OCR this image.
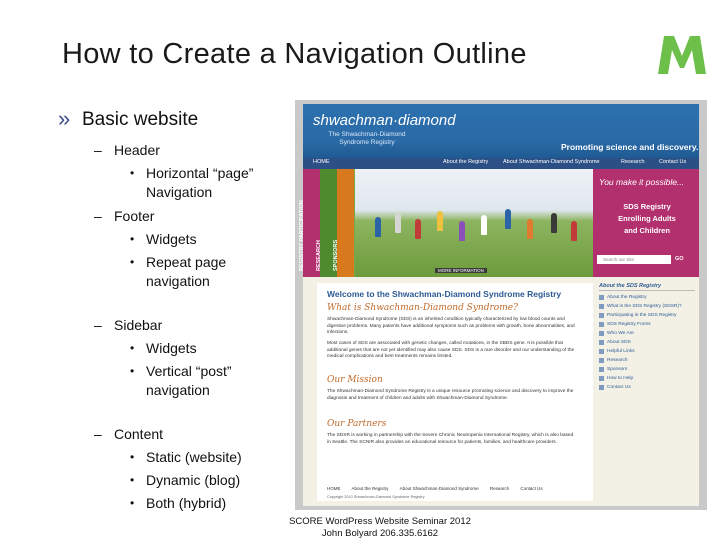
How to Create a Navigation Outline
» Basic website
– Header
• Horizontal “page”
Navigation
– Footer
• Widgets
• Repeat page
navigation
– Sidebar
• Widgets
• Vertical “post”
navigation
– Content
• Static (website)
• Dynamic (blog)
• Both (hybrid)
shwachman·diamond
The Shwachman-Diamond
Syndrome Registry	Promoting science and discovery.
HOME	About the Registry	About Shwachman-Diamond Syndrome	Research	Contact Us
REGISTRY PARTICIPATION RESEARCH SPONSORS	MORE INFORMATION
You make it possible...
SDS Registry
Enrolling Adults
and Children
Search our Site	GO
Welcome to the Shwachman-Diamond Syndrome Registry
What is Shwachman-Diamond Syndrome?
Shwachman-Diamond Syndrome (SDS) is an inherited condition typically characterized by low blood counts and digestive problems. Many patients have additional symptoms such as problems with growth, bone abnormalities, and infections.
Most cases of SDS are associated with genetic changes, called mutations, in the SBDS gene. It is possible that additional genes that are not yet identified may also cause SDS. SDS is a rare disorder and our understanding of the medical complications and best treatments remains limited.
Our Mission
The Shwachman-Diamond Syndrome Registry is a unique resource promoting science and discovery to improve the diagnosis and treatment of children and adults with Shwachman-Diamond Syndrome.
Our Partners
The SDSR is working in partnership with the Severe Chronic Neutropenia International Registry, which is also based in Seattle. The SCNIR also provides an educational resource for patients, families, and healthcare providers.
HOME About the Registry About Shwachman-Diamond Syndrome	Research	Contact Us
Copyright 2010 Shwachman-Diamond Syndrome Registry
About the SDS Registry
About the Registry
What is the SDS Registry (SDSR)?
Participating in the SDS Registry
SDS Registry Forms
Who We Are
About SDS
Helpful Links
Research
Sponsors
How to Help
Contact Us
SCORE WordPress Website Seminar 2012
John Bolyard 206.335.6162
